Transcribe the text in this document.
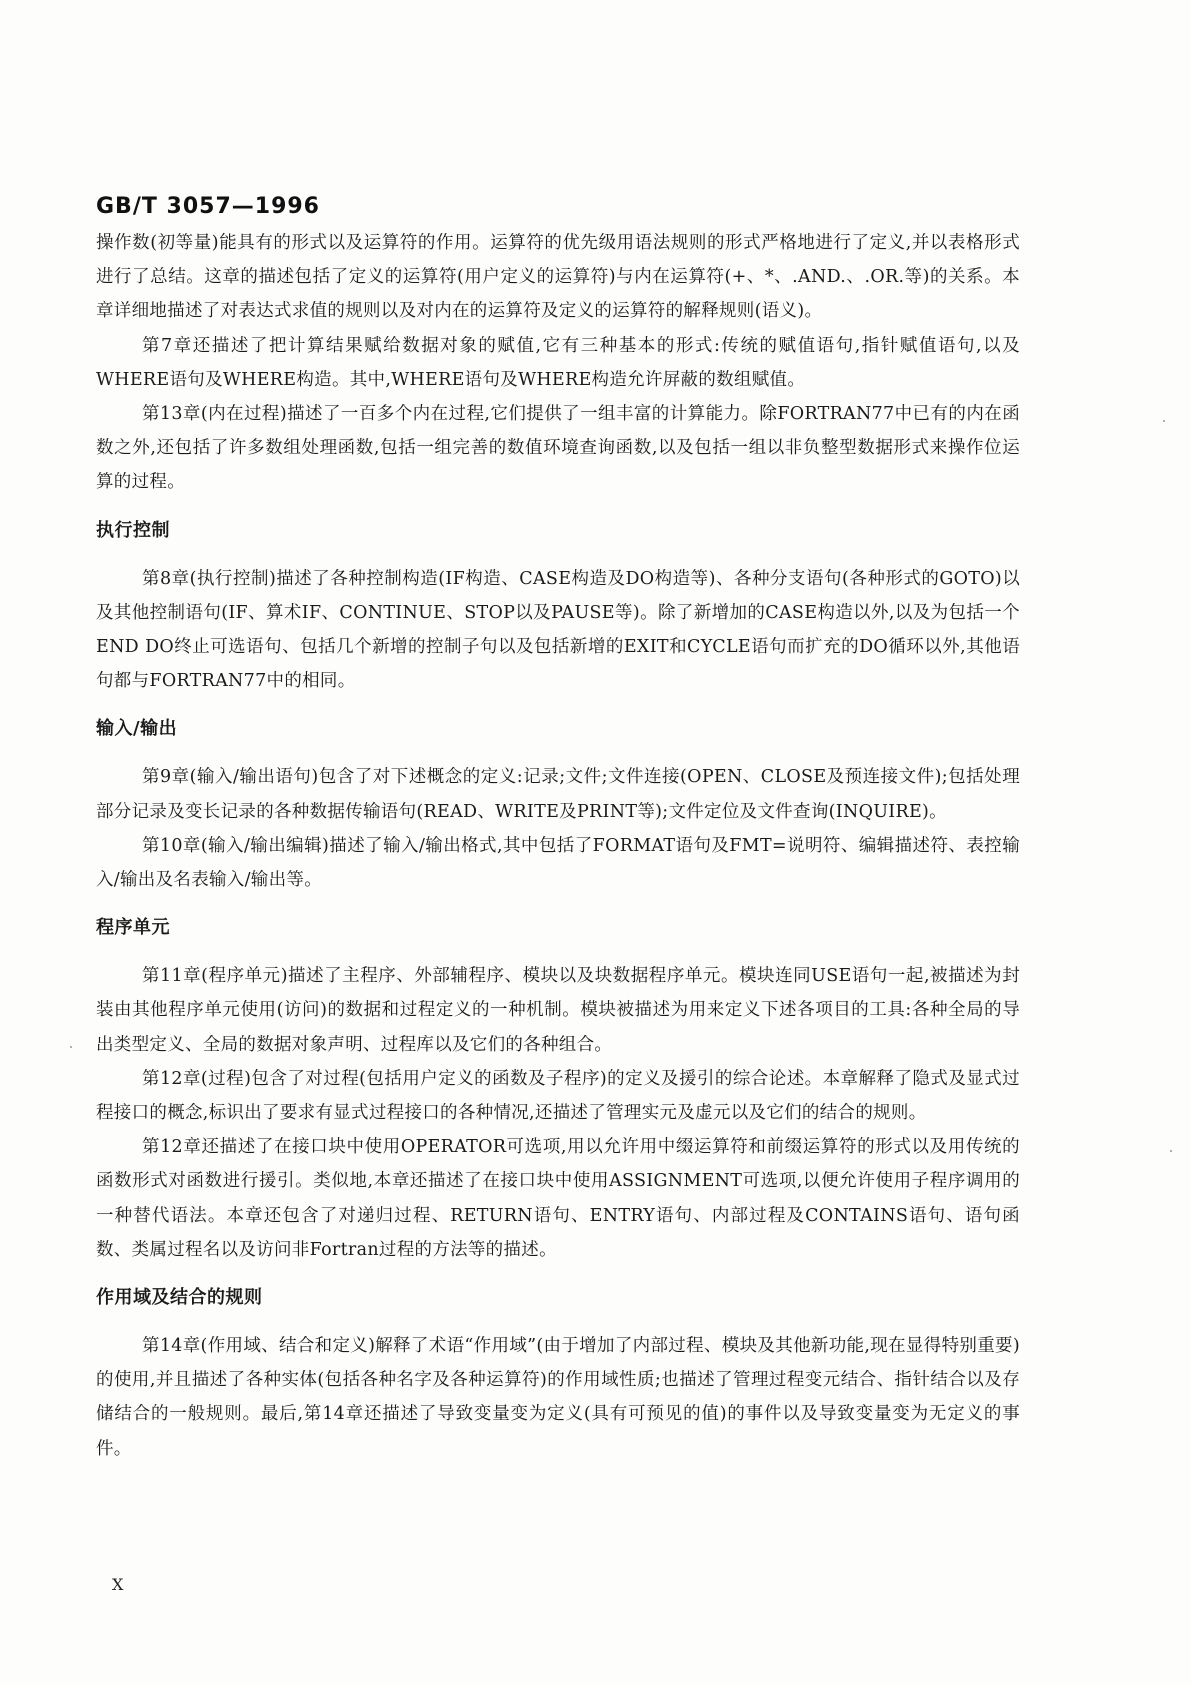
GB/T 3057—1996

操作数(初等量)能具有的形式以及运算符的作用。运算符的优先级用语法规则的形式严格地进行了定义,并以表格形式进行了总结。这章的描述包括了定义的运算符(用户定义的运算符)与内在运算符(+、*、.AND.、.OR.等)的关系。本章详细地描述了对表达式求值的规则以及对内在的运算符及定义的运算符的解释规则(语义)。

第7章还描述了把计算结果赋给数据对象的赋值,它有三种基本的形式:传统的赋值语句,指针赋值语句,以及WHERE语句及WHERE构造。其中,WHERE语句及WHERE构造允许屏蔽的数组赋值。

第13章(内在过程)描述了一百多个内在过程,它们提供了一组丰富的计算能力。除FORTRAN77中已有的内在函数之外,还包括了许多数组处理函数,包括一组完善的数值环境查询函数,以及包括一组以非负整型数据形式来操作位运算的过程。

执行控制

第8章(执行控制)描述了各种控制构造(IF构造、CASE构造及DO构造等)、各种分支语句(各种形式的GOTO)以及其他控制语句(IF、算术IF、CONTINUE、STOP以及PAUSE等)。除了新增加的CASE构造以外,以及为包括一个END DO终止可选语句、包括几个新增的控制子句以及包括新增的EXIT和CYCLE语句而扩充的DO循环以外,其他语句都与FORTRAN77中的相同。

输入/输出

第9章(输入/输出语句)包含了对下述概念的定义:记录;文件;文件连接(OPEN、CLOSE及预连接文件);包括处理部分记录及变长记录的各种数据传输语句(READ、WRITE及PRINT等);文件定位及文件查询(INQUIRE)。

第10章(输入/输出编辑)描述了输入/输出格式,其中包括了FORMAT语句及FMT=说明符、编辑描述符、表控输入/输出及名表输入/输出等。

程序单元

第11章(程序单元)描述了主程序、外部辅程序、模块以及块数据程序单元。模块连同USE语句一起,被描述为封装由其他程序单元使用(访问)的数据和过程定义的一种机制。模块被描述为用来定义下述各项目的工具:各种全局的导出类型定义、全局的数据对象声明、过程库以及它们的各种组合。

第12章(过程)包含了对过程(包括用户定义的函数及子程序)的定义及援引的综合论述。本章解释了隐式及显式过程接口的概念,标识出了要求有显式过程接口的各种情况,还描述了管理实元及虚元以及它们的结合的规则。

第12章还描述了在接口块中使用OPERATOR可选项,用以允许用中缀运算符和前缀运算符的形式以及用传统的函数形式对函数进行援引。类似地,本章还描述了在接口块中使用ASSIGNMENT可选项,以便允许使用子程序调用的一种替代语法。本章还包含了对递归过程、RETURN语句、ENTRY语句、内部过程及CONTAINS语句、语句函数、类属过程名以及访问非Fortran过程的方法等的描述。

作用域及结合的规则

第14章(作用域、结合和定义)解释了术语“作用域”(由于增加了内部过程、模块及其他新功能,现在显得特别重要)的使用,并且描述了各种实体(包括各种名字及各种运算符)的作用域性质;也描述了管理过程变元结合、指针结合以及存储结合的一般规则。最后,第14章还描述了导致变量变为定义(具有可预见的值)的事件以及导致变量变为无定义的事件。

X
